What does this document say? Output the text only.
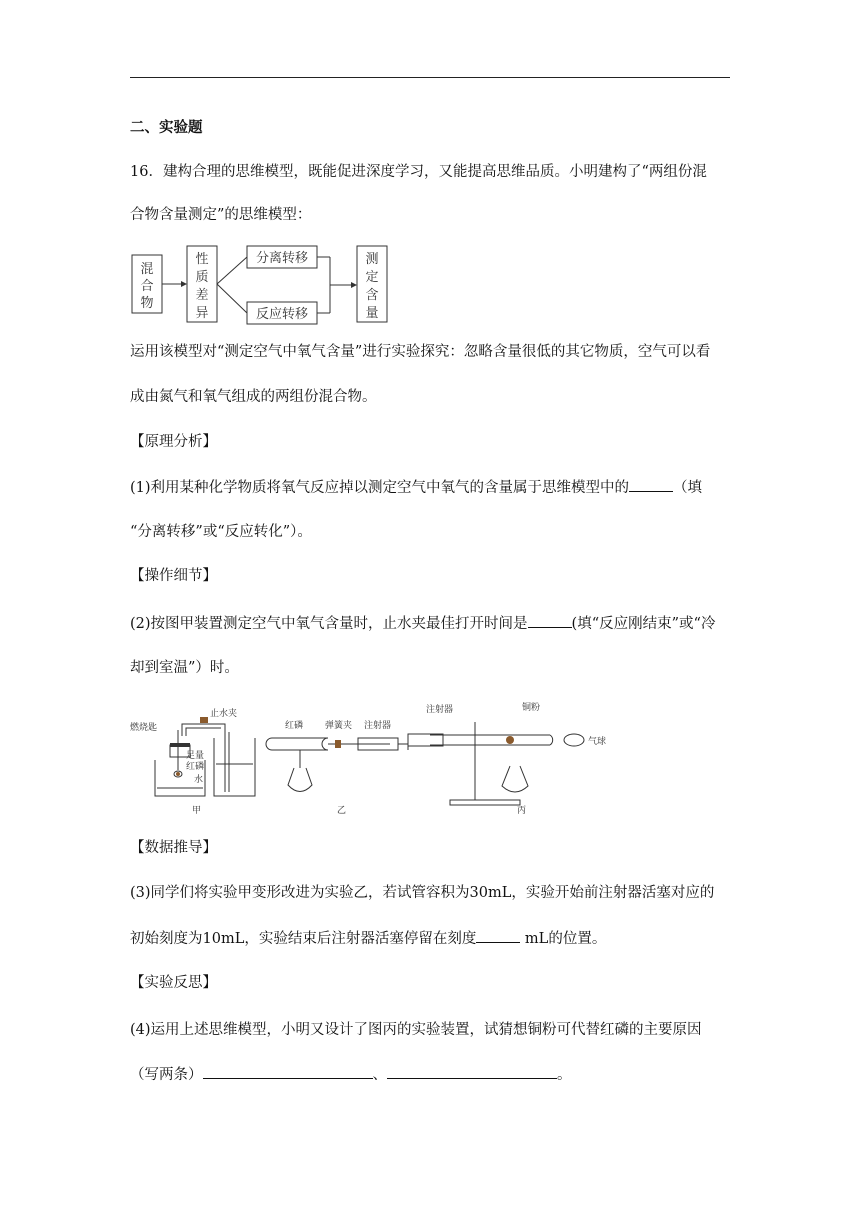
二、实验题
16．建构合理的思维模型，既能促进深度学习，又能提高思维品质。小明建构了“两组份混
合物含量测定”的思维模型：
混
合
物
性
质
差
异
分离转移
反应转移
测
定
含
量
运用该模型对“测定空气中氧气含量”进行实验探究：忽略含量很低的其它物质，空气可以看
成由氮气和氧气组成的两组份混合物。
【原理分析】
(1)利用某种化学物质将氧气反应掉以测定空气中氧气的含量属于思维模型中的	（填
“分离转移”或“反应转化”）。
【操作细节】
(2)按图甲装置测定空气中氧气含量时，止水夹最佳打开时间是	(填“反应刚结束”或“冷
却到室温”）时。
燃烧匙
止水夹
足量
红磷
水
甲
红磷 弹簧夹 注射器
乙
注射器	铜粉
气球
丙
【数据推导】
(3)同学们将实验甲变形改进为实验乙，若试管容积为30mL，实验开始前注射器活塞对应的
初始刻度为10mL，实验结束后注射器活塞停留在刻度	mL的位置。
【实验反思】
(4)运用上述思维模型，小明又设计了图丙的实验装置，试猜想铜粉可代替红磷的主要原因
（写两条）	、	。
